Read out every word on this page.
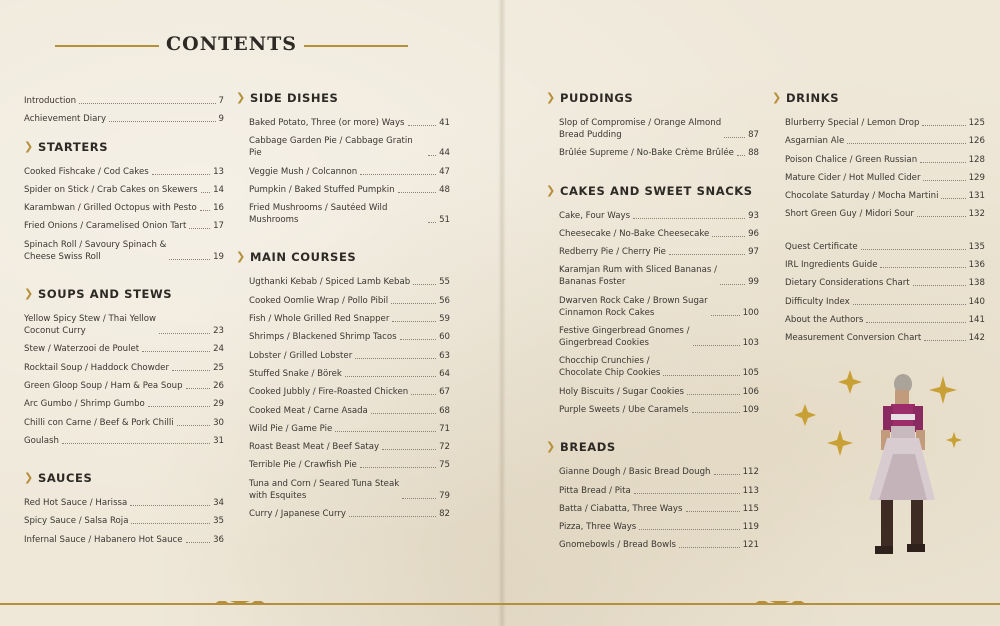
CONTENTS
Introduction	7
Achievement Diary	9
❯
STARTERS
Cooked Fishcake / Cod Cakes	13
Spider on Stick / Crab Cakes on Skewers 14
Karambwan / Grilled Octopus with Pesto 16
Fried Onions / Caramelised Onion Tart	17
Spinach Roll / Savoury Spinach &
Cheese Swiss Roll	19
❯
SOUPS AND STEWS
Yellow Spicy Stew / Thai Yellow
Coconut Curry	23
Stew / Waterzooi de Poulet	24
Rocktail Soup / Haddock Chowder	25
Green Gloop Soup / Ham & Pea Soup	26
Arc Gumbo / Shrimp Gumbo	29
Chilli con Carne / Beef & Pork Chilli	30
Goulash	31
❯
SAUCES
Red Hot Sauce / Harissa	34
Spicy Sauce / Salsa Roja	35
Infernal Sauce / Habanero Hot Sauce	36
❯
SIDE DISHES
Baked Potato, Three (or more) Ways	41
Cabbage Garden Pie / Cabbage Gratin Pie	44
Veggie Mush / Colcannon	47
Pumpkin / Baked Stuffed Pumpkin	48
Fried Mushrooms / Sautéed Wild Mushrooms	51
❯
MAIN COURSES
Ugthanki Kebab / Spiced Lamb Kebab	55
Cooked Oomlie Wrap / Pollo Pibil	56
Fish / Whole Grilled Red Snapper	59
Shrimps / Blackened Shrimp Tacos	60
Lobster / Grilled Lobster	63
Stuffed Snake / Börek	64
Cooked Jubbly / Fire-Roasted Chicken	67
Cooked Meat / Carne Asada	68
Wild Pie / Game Pie	71
Roast Beast Meat / Beef Satay	72
Terrible Pie / Crawfish Pie	75
Tuna and Corn / Seared Tuna Steak
with Esquites	79
Curry / Japanese Curry	82
❯
PUDDINGS
Slop of Compromise / Orange Almond
Bread Pudding	87
Brûlée Supreme / No-Bake Crème Brûlée 88
❯
CAKES AND SWEET SNACKS
Cake, Four Ways	93
Cheesecake / No-Bake Cheesecake	96
Redberry Pie / Cherry Pie	97
Karamjan Rum with Sliced Bananas /
Bananas Foster	99
Dwarven Rock Cake / Brown Sugar
Cinnamon Rock Cakes	100
Festive Gingerbread Gnomes /
Gingerbread Cookies	103
Chocchip Crunchies /
Chocolate Chip Cookies	105
Holy Biscuits / Sugar Cookies	106
Purple Sweets / Ube Caramels	109
❯
BREADS
Gianne Dough / Basic Bread Dough	112
Pitta Bread / Pita	113
Batta / Ciabatta, Three Ways	115
Pizza, Three Ways	119
Gnomebowls / Bread Bowls	121
❯
DRINKS
Blurberry Special / Lemon Drop	125
Asgarnian Ale	126
Poison Chalice / Green Russian	128
Mature Cider / Hot Mulled Cider	129
Chocolate Saturday / Mocha Martini	131
Short Green Guy / Midori Sour	132
Quest Certificate	135
IRL Ingredients Guide	136
Dietary Considerations Chart	138
Difficulty Index	140
About the Authors	141
Measurement Conversion Chart	142
